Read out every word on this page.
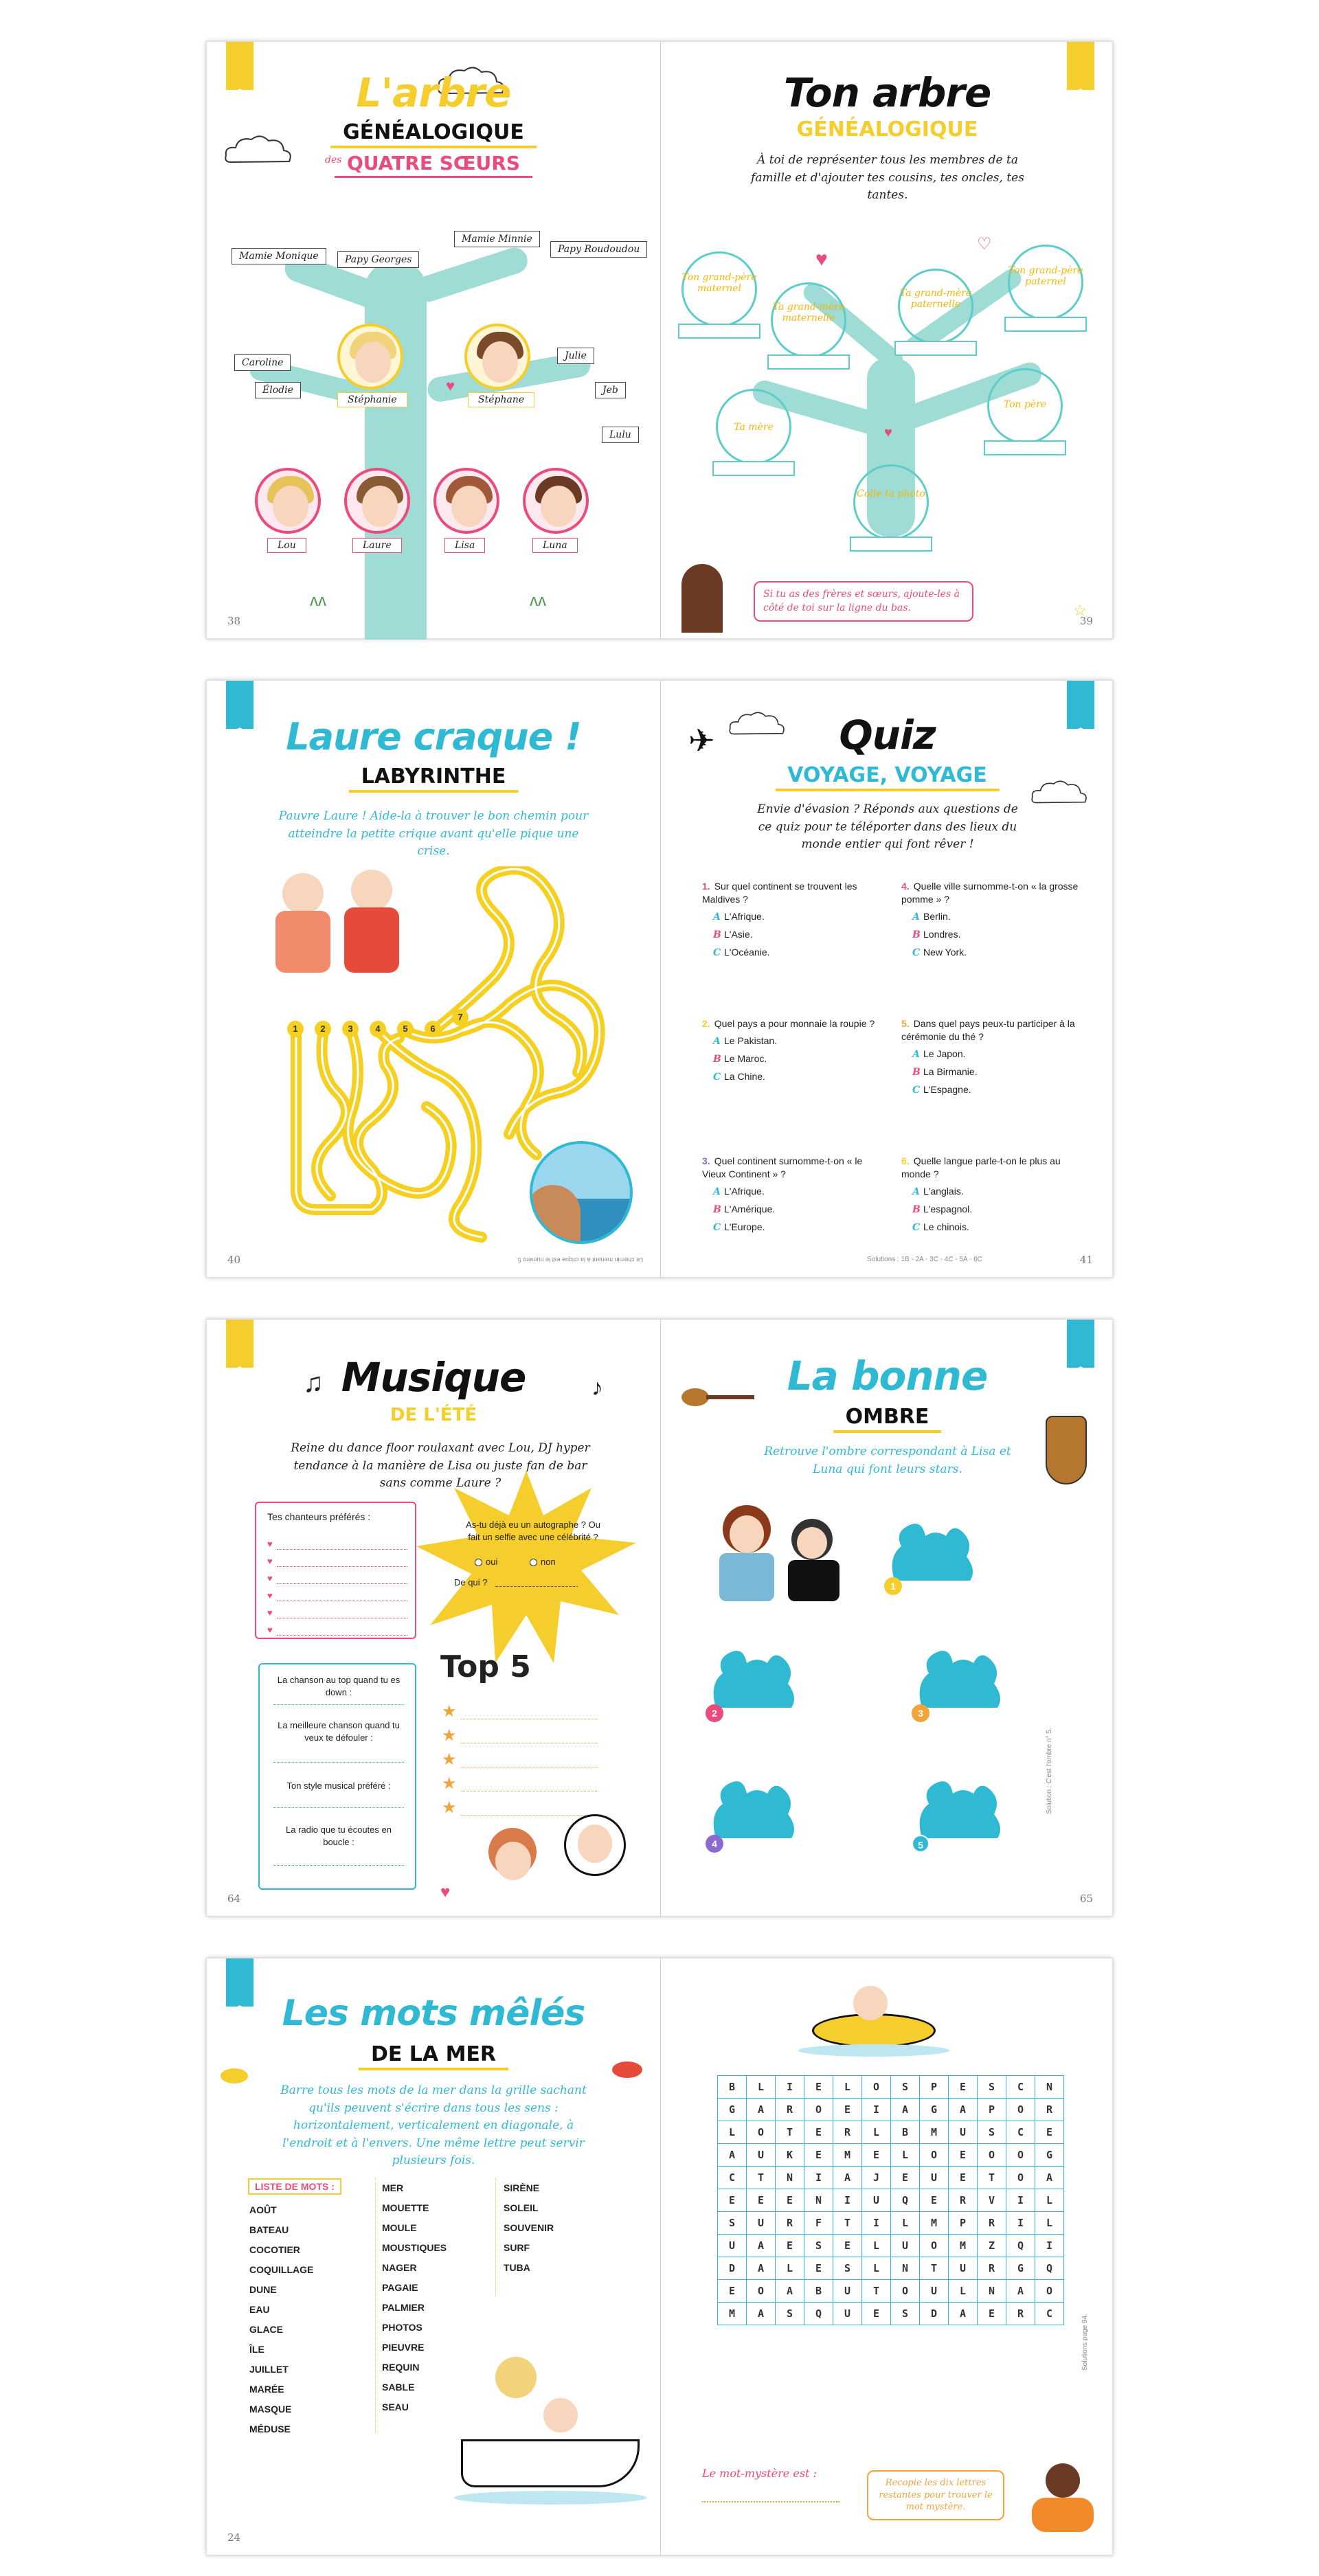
L'arbre
GÉNÉALOGIQUE
des QUATRE SŒURS
Mamie Monique	Papy Georges
Mamie Minnie
Papy Roudoudou
Stéphanie	Stéphane
Caroline
Élodie
Julie
Jeb
Lulu
Lou	Laure	Lisa	Luna
♥
ʌʌ	ʌʌ
38
Ton arbre
GÉNÉALOGIQUE
À toi de représenter tous les membres de ta famille et d'ajouter tes cousins, tes oncles, tes tantes.
Ton grand-père maternel
Ta grand-mère maternelle
Ta grand-mère paternelle
Ton grand-père paternel
Ton père
Ta mère
Colle ta photo
♥
♥
♡
Si tu as des frères et sœurs, ajoute-les à côté de toi sur la ligne du bas.	☆
39
Laure craque !
LABYRINTHE
Pauvre Laure ! Aide-la à trouver le bon chemin pour atteindre la petite crique avant qu'elle pique une crise.
1	2	3	4	5	6
7
40	Le chemin menant à la crique est le numéro 5.
✈	Quiz
VOYAGE, VOYAGE
Envie d'évasion ? Réponds aux questions de ce quiz pour te téléporter dans des lieux du monde entier qui font rêver !
1. Sur quel continent se trouvent les Maldives ?
A L'Afrique.
B L'Asie.
C L'Océanie.
2. Quel pays a pour monnaie la roupie ?
A Le Pakistan.
B Le Maroc.
C La Chine.
3. Quel continent surnomme-t-on « le Vieux Continent » ?
A L'Afrique.
B L'Amérique.
C L'Europe.
4. Quelle ville surnomme-t-on « la grosse pomme » ?
A Berlin.
B Londres.
C New York.
5. Dans quel pays peux-tu participer à la cérémonie du thé ?
A Le Japon.
B La Birmanie.
C L'Espagne.
6. Quelle langue parle-t-on le plus au monde ?
A L'anglais.
B L'espagnol.
C Le chinois.
Solutions : 1B - 2A - 3C - 4C - 5A - 6C	41
♫	♪
Musique
DE L'ÉTÉ
Reine du dance floor roulaxant avec Lou, DJ hyper tendance à la manière de Lisa ou juste fan de bar sans comme Laure ?
Tes chanteurs préférés :
♥
♥
♥
♥
♥
♥
As-tu déjà eu un autographe ? Ou fait un selfie avec une célébrité ?
oui	non
De qui ?
Top 5
★
★
★
★
★
La chanson au top quand tu es down :
La meilleure chanson quand tu veux te défouler :
Ton style musical préféré :
La radio que tu écoutes en boucle :
♥
64
La bonne
OMBRE
Retrouve l'ombre correspondant à Lisa et Luna qui font leurs stars.
1
2	3
4	5
Solution : C'est l'ombre n° 5.
65
Les mots mêlés
DE LA MER
Barre tous les mots de la mer dans la grille sachant qu'ils peuvent s'écrire dans tous les sens : horizontalement, verticalement en diagonale, à l'endroit et à l'envers. Une même lettre peut servir plusieurs fois.
LISTE DE MOTS :
AOÛT
BATEAU
COCOTIER
COQUILLAGE
DUNE
EAU
GLACE
ÎLE
JUILLET
MARÉE
MASQUE
MÉDUSE
MER
MOUETTE
MOULE
MOUSTIQUES
NAGER
PAGAIE
PALMIER
PHOTOS
PIEUVRE
REQUIN
SABLE
SEAU
SIRÈNE
SOLEIL
SOUVENIR
SURF
TUBA
24
B	L	I	E	L	O	S	P	E	S	C	N
G	A	R	O	E	I	A	G	A	P	O	R
L	O	T	E	R	L	B	M	U	S	C	E
A	U	K	E	M	E	L	O	E	O	O	G
C	T	N	I	A	J	E	U	E	T	O	A
E	E	E	N	I	U	Q	E	R	V	I	L
S	U	R	F	T	I	L	M	P	R	I	L
U	A	E	S	E	L	U	O	M	Z	Q	I
D	A	L	E	S	L	N	T	U	R	G	Q
E	O	A	B	U	T	O	U	L	N	A	O
M	A	S	Q	U	E	S	D	A	E	R	C
Le mot-mystère est :
Recopie les dix lettres restantes pour trouver le mot mystère.
Solutions page 94.
